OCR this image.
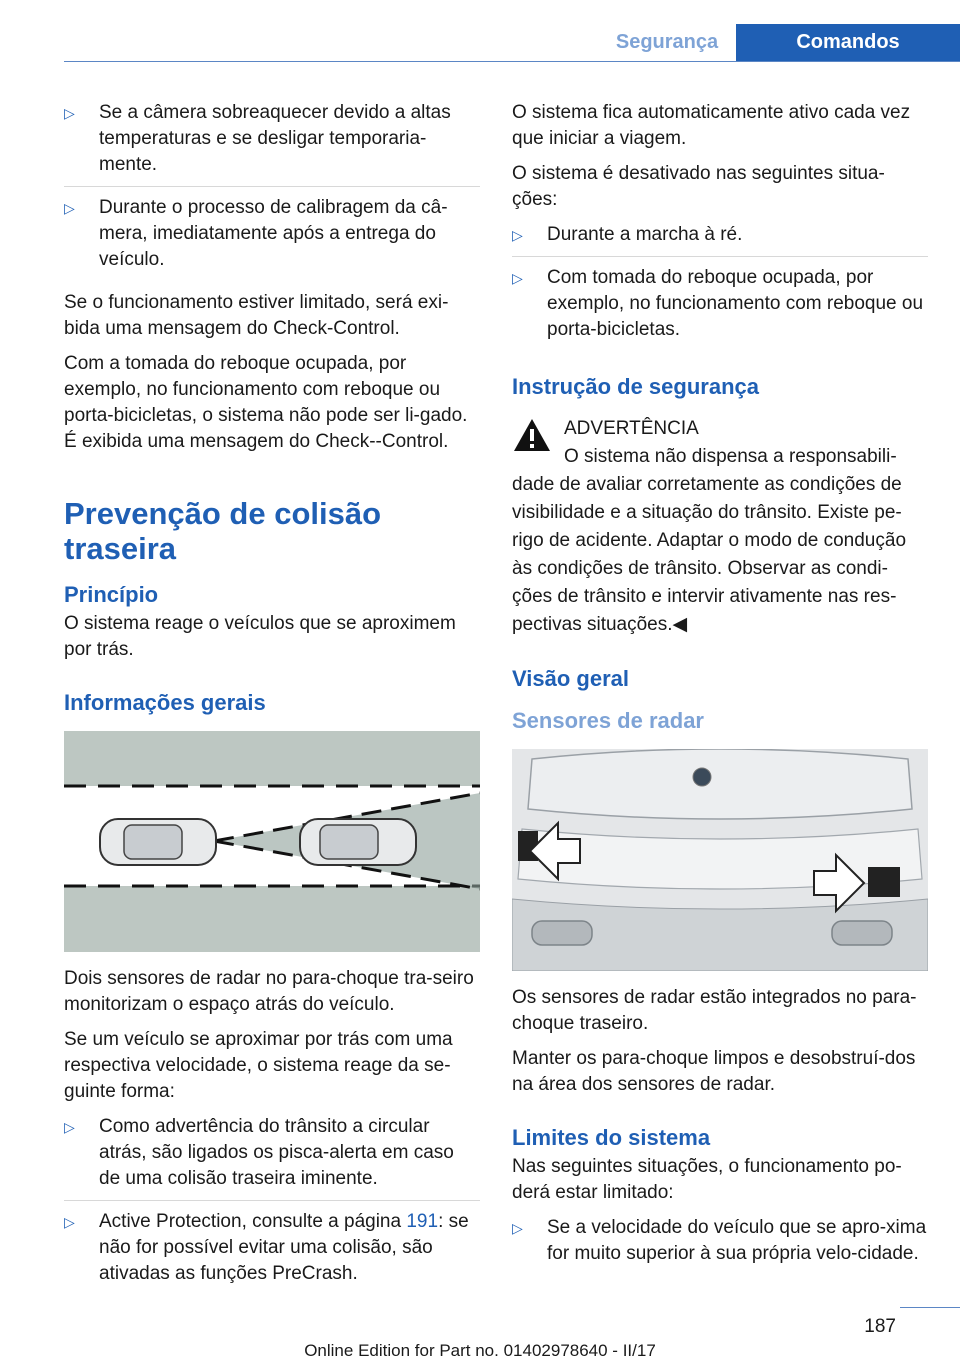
Segurança	Comandos
▷ Se a câmera sobreaquecer devido a altas temperaturas e se desligar temporaria‐mente.
▷ Durante o processo de calibragem da câ‐mera, imediatamente após a entrega do veículo.

Se o funcionamento estiver limitado, será exi‐bida uma mensagem do Check-Control.

Com a tomada do reboque ocupada, por exemplo, no funcionamento com reboque ou porta-bicicletas, o sistema não pode ser li‐gado. É exibida uma mensagem do Check--Control.

Prevenção de colisão traseira
Princípio

O sistema reage o veículos que se aproximem por trás.

Informações gerais

Dois sensores de radar no para-choque tra‐seiro monitorizam o espaço atrás do veículo.

Se um veículo se aproximar por trás com uma respectiva velocidade, o sistema reage da se‐guinte forma:

▷ Como advertência do trânsito a circular atrás, são ligados os pisca-alerta em caso de uma colisão traseira iminente.
▷ Active Protection, consulte a página 191: se não for possível evitar uma colisão, são ativadas as funções PreCrash.

O sistema fica automaticamente ativo cada vez que iniciar a viagem.

O sistema é desativado nas seguintes situa‐ções:

▷ Durante a marcha à ré.
▷ Com tomada do reboque ocupada, por exemplo, no funcionamento com reboque ou porta-bicicletas.
Instrução de segurança

ADVERTÊNCIA

O sistema não dispensa a responsabili‐dade de avaliar corretamente as condições de visibilidade e a situação do trânsito. Existe pe‐rigo de acidente. Adaptar o modo de condução às condições de trânsito. Observar as condi‐ções de trânsito e intervir ativamente nas res‐pectivas situações.◀

Visão geral
Sensores de radar

Os sensores de radar estão integrados no para-choque traseiro.

Manter os para-choque limpos e desobstruí‐dos na área dos sensores de radar.

Limites do sistema

Nas seguintes situações, o funcionamento po‐derá estar limitado:

▷ Se a velocidade do veículo que se apro‐xima for muito superior à sua própria velo‐cidade.
187
Online Edition for Part no. 01402978640 - II/17
